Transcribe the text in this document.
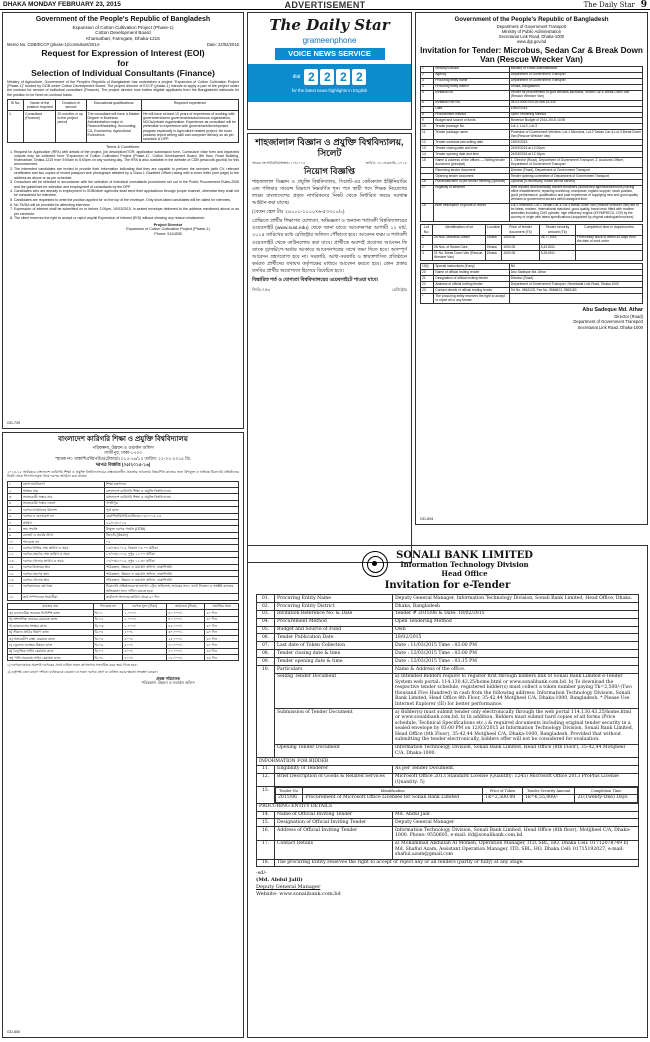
DHAKA MONDAY FEBRUARY 23, 2015	ADVERTISEMENT	The Daily Star 9
Government of the People's Republic of Bangladesh
Expansion of Cotton Cultivation Project (Phase-1)
Cotton Development Board
Khamarbari, Farmgate, Dhaka-1215
Memo No. CDB/ECCP (phase-1)/consultant/2014-	Date: 22/02/2015
Request for Expression of Interest (EOI)
for
Selection of Individual Consultants (Finance)
Ministry of Agriculture, Government of the People's Republic of Bangladesh has undertaken a project "Expansion of Cotton Cultivation Project (Phase-1)" funded by GOB under Cotton Development Board. The project director of ECCP (phase-1) intends to apply a part of the project under the contract for service of individual consultant (Finance). The project director now invites eligible applicants from the Bangladeshi nationals for the position to be hired on contract basis.
Sl No.	Name of the position required	Duration of service	Educational qualifications	Required experience
1.	Consultant (Finance)	20 months or up to the project period	The consultant will have a Master Degree in Business Administration major in Finance/Marketing, Accounting, CA, Economics, Agricultural Economics	He will have at least 10 years of experience of working with government/semi-government/autonomous organization, NGOs/private organization. Experience as consultant will be preferable to experience with government/development program especially in Agriculture related project. He must possess report writing skill and computer literacy on as per schedule & DPP.
Terms & Conditions:
1. Request for Application (RFA) with details of the project, job description/TOR, application submission form, Curriculum vitae form and inspected outputs may be collected from "Expansion of Cotton Cultivation Project (Phase-1)", Cotton Development Board, 8th floor, Road Building, Khamarbari, Dhaka-1215 from 9:00am to 5:00pm on any working day. The RFA is also available in the website of CDB (www.cdb.gov.bd) for this announcement.
2. The interested candidates are invited to provide their information indicating that they are capable to perform the services (with CV, relevant certificates and two copies of recent passport size photograph attested by a Class-1 Gazetted Officer) along with a cover letter (one page) to the address as above or as per schedule.
3. Consultant will be selected in accordance with the selection of individual consultants procedures set out in the Public Procurement Rules-2008 and the guidelines for selection and employment of consultants by the DPP.
4. Candidates who are already in employment in GOB/other agencies shall send their applications through proper channel, otherwise they shall not be considered for interview.
5. Candidates are requested to write the position applied for on the top of the envelope. Only short-listed candidates will be called for interview.
6. No TA/DA will be provided for attending interview.
7. Expression of interest shall be submitted on or before 2.00pm, 10/03/2015, in sealed envelope delivered to the address mentioned above or as per schedule.
8. The client reserves the right to accept or reject any/all Expression of Interest (EOI) without showing any reason whatsoever.
Project Director
Expansion of Cotton Cultivation Project (Phase-1)
Phone: 9110835
GD-729
The Daily Star
grameenphone
VOICE NEWS SERVICE
dial 2 2 2 2
for the latest news highlights in English
শাহজালাল বিজ্ঞান ও প্রযুক্তি বিশ্ববিদ্যালয়, সিলেট
স্মারক নং-শাবিপ্রবি/সংস্থা/১১০/২০১৫	তারিখ: ১৮ ফেব্রুয়ারি, ২০১৫
নিয়োগ বিজ্ঞপ্তি
শাহজালাল বিজ্ঞান ও প্রযুক্তি বিশ্ববিদ্যালয়, সিলেট-এর কেমিক্যাল ইঞ্জিনিয়ারিং এন্ড পলিমার সায়েন্স বিভাগে নিম্নবর্ণিত শূন্য পদে স্থায়ী পদে শিক্ষক নিয়োগের লক্ষ্যে বাংলাদেশের প্রকৃত নাগরিকদের নিকট থেকে নির্ধারিত ফরমে দরখাস্ত আহ্বান করা যাচ্ছে।
(বেতন স্কেল টাঃ ২৯০০০-১১০০×৬-৫৩৩০০/=)
প্রেক্ষিতে প্রার্থীর শিক্ষাগত যোগ্যতা, অভিজ্ঞতা ও অন্যান্য শর্তাবলী বিশ্ববিদ্যালয়ের ওয়েবসাইট (www.sust.edu) থেকে জানা যাবে। আবেদনপত্র আগামী ১২ মার্চ, ২০১৫ তারিখের মধ্যে রেজিস্ট্রার অফিসে পৌঁছাতে হবে। আবেদন ফরম ও শর্তাবলী ওয়েবসাইট থেকে ডাউনলোড করা যাবে। প্রার্থীকে অবশ্যই প্রযোজ্য আবেদন ফি ব্যাংক ড্রাফট/পে-অর্ডার আকারে আবেদনপত্রের সাথে জমা দিতে হবে। অসম্পূর্ণ আবেদন গ্রহণযোগ্য হবে না। সরকারি, আধা-সরকারি ও স্বায়ত্তশাসিত প্রতিষ্ঠানে কর্মরত প্রার্থীদের যথাযথ কর্তৃপক্ষের মাধ্যমে আবেদন করতে হবে। কোন প্রকার তদবির প্রার্থীর অযোগ্যতা হিসেবে বিবেচিত হবে।
বিস্তারিত শর্ত ও যোগ্যতা বিশ্ববিদ্যালয়ের ওয়েবসাইটে পাওয়া যাবে।
জিডি-৭৫৩	রেজিস্ট্রার
Government of the People's Republic of Bangladesh
Department of Government Transport
Ministry of Public Administration
Secretariat Link Road, Dhaka-1000
www.dgt.gov.bd
Invitation for Tender: Microbus, Sedan Car & Break Down Van (Rescue Wrecker Van)
1	Ministry/Division	Ministry of Public Administration
2	Agency	Department of Government Transport
3	Procuring entity name	Department of Government Transport
4	Procuring entity district	Dhaka, Bangladesh
5	Invitation for	Tender for procurement of govt vehicles-Microbus, Sedan Car & Break Down Van (Rescue Wrecker Van)
6	Invitation Ref No.	05.03.0000.004.26.086.15-330
7	Date	19/02/2015
8	Procurement method	Open Tendering Method
9	Budget and source of funds	Revenue Budget of 2014-2015, GOB
10	Tender package No.	Lot-1, Lot-2, Lot-3
11	Tender package name	Purchase of Government Vehicles: Lot-1 Microbus, Lot-2 Sedan Car & Lot-3 Break Down Van (Rescue Wrecker Van)
12	Tender schedule last selling date	23/03/2015
13	Tender closing date and time	24/03/2015 at 12.00pm
14	Tender opening date and time	24/03/2015 at 12.15pm
15	Name & address of the offices — Selling tender document (principal)	1. Director (Road), Department of Government Transport. 2. Accounts Officer, Department of Government Transport
	Receiving tender document	Director (Road), Department of Government Transport
	Opening tender document	Tender opening committee of Department of Government Transport
16	Place/date/time of pre-tender meeting (optional)	Optional (if necessary, notice will be served)
17	Eligibility of tenderer	Well reputed and financially solvent tenderers (authorized agents/distributors) having office establishment, repairing workshop, manpower, logistic support, stock position, good performance, qualification and past experience of supplying new and good quality vehicles to government sectors within assigned time.
18	Brief description of goods or works	Lot-1 Microbus, Lot-2 Sedan Car & Lot-3 Break Down Van (Rescue Wrecker Van) are to be latest, modern, international standard, good quality, brand new, fitted with modern amenities including CNG cylinder, high efficiency engine (EFI/MPI/ECS, CRI) by the country of origin with latest specifications (supported by original catalogue/brochure).
Lot No.	Identification of lot	Location	Price of tender document (Tk)	Tender security amount (Tk)	Completion time in days/months
1	25 Nos. Microbus Diesel	Dhaka	1000.00	36,77,000/-	From ready stock or within 45 days from the date of work order
2	06 Nos. of Sedan Cars	Dhaka	1000.00	5,43,600/-	
3	01 No. Break Down Van (Rescue Wrecker Van)	Dhaka	1000.00	5,25,600/-	
19(i)	Special instructions (if any)	Nil
20	Name of official inviting tender	Abu Sadeque Md. Athar
21	Designation of official inviting tender	Director (Road)
22	Address of official inviting tender	Department of Government Transport, Secretariat Link Road, Dhaka-1000
23	Contact details of official inviting tender	Tel No. 9563125, Fax No. 9566623, 9568180
*	The procuring entity reserves the right to accept or reject all or any tender.	
Abu Sadeque Md. Athar
Director (Road)
Department of Government Transport
Secretariat Link Road, Dhaka-1000
GD-694
বাংলাদেশ কারিগরি শিক্ষা ও প্রযুক্তি বিশ্ববিদ্যালয়
পরিকল্পনা, উন্নয়ন ও ওয়ার্কস অফিস
গাজীপুর, ঢাকা-১৭০০
স্মারক নং- বাকাশিপ্রবি/পউও/টেন্ডার/২০১৫-১৬/১০ তারিখ: ২২-০২-২০১৫ খ্রি.
দরপত্র বিজ্ঞপ্তি (০৫/২০১৫-১৬)
২০১৪-১৫ অর্থবছরে বাংলাদেশ কারিগরি শিক্ষা ও প্রযুক্তি বিশ্ববিদ্যালয়ের বাস্তবায়নাধীন প্রকল্পের আওতায় নিম্নবর্ণিত কাজের জন্য উপযুক্ত ও অভিজ্ঞ ঠিকাদারি প্রতিষ্ঠানের নিকট থেকে সিলগালাকৃত খামে দরপত্র আহ্বান করা যাচ্ছে।
১	মন্ত্রণালয়/বিভাগ	শিক্ষা মন্ত্রণালয়
২	সংস্থার নাম	বাংলাদেশ কারিগরি শিক্ষা ও প্রযুক্তি বিশ্ববিদ্যালয়
৩	সংগ্রহকারী সত্তার নাম	বাংলাদেশ কারিগরি শিক্ষা ও প্রযুক্তি বিশ্ববিদ্যালয়
৪	সংগ্রহকারী সত্তার জেলা	গাজীপুর
৫	দরপত্র আহ্বানের উদ্দেশ্য	পূর্ত কাজ
৬	দরপত্র ও রেফারেন্স নং	বাকাশিপ্রবি/পউও/টেন্ডার-০৫/২০১৫-১৬
৭	তারিখ	২২/০২/২০১৫
৮	ক্রয় পদ্ধতি	উন্মুক্ত দরপত্র পদ্ধতি (OTM)
৯	বাজেট ও অর্থের উৎস	জিওবি (উন্নয়ন)
১০	প্যাকেজ নং	০৫
১১	দরপত্র বিক্রির শেষ তারিখ ও সময়	১৬/০৩/২০১৫, বিকাল ০৪.০০ ঘটিকা
১২	দরপত্র গ্রহণের শেষ তারিখ ও সময়	১৭/০৩/২০১৫, দুপুর ১২.০০ ঘটিকা
১৩	দরপত্র খোলার তারিখ ও সময়	১৭/০৩/২০১৫, দুপুর ১২.৩০ ঘটিকা
১৪	দরপত্র বিক্রয়ের স্থান	পরিকল্পনা, উন্নয়ন ও ওয়ার্কস অফিস, বাকাশিপ্রবি
১৫	দরপত্র গ্রহণের স্থান	পরিকল্পনা, উন্নয়ন ও ওয়ার্কস অফিস, বাকাশিপ্রবি
১৬	দরপত্র খোলার স্থান	পরিকল্পনা, উন্নয়ন ও ওয়ার্কস অফিস, বাকাশিপ্রবি
১৭	দরপত্রদাতার যোগ্যতা	ঠিকাদারি প্রতিষ্ঠানকে হালনাগাদ ট্রেড লাইসেন্স, আয়কর সনদ, ভ্যাট নিবন্ধন ও সংশ্লিষ্ট কাজের অভিজ্ঞতা সনদ দাখিল করতে হবে।
১৮	কার্য সম্পাদনের সময়সীমা	কার্যাদেশ প্রদানের তারিখ থেকে ৯০ দিন
কাজের নাম	প্যাকেজ নং	দরপত্র মূল্য (টাকা)	জামানত (টাকা)	সমাপ্তির সময়
ক) একাডেমিক ভবনের ফিনিশিং কাজ	বি-০১	১,০০০/-	৫০,০০০/-	৯০ দিন
খ) প্রশাসনিক ভবনের মেরামত কাজ	বি-০২	১,০০০/-	৪০,০০০/-	৯০ দিন
গ) ছাত্রাবাসের সংস্কার কাজ	বি-০৩	১,০০০/-	৪৫,০০০/-	৯০ দিন
ঘ) সীমানা প্রাচীর নির্মাণ কাজ	বি-০৪	৫০০/-	৩০,০০০/-	৬০ দিন
ঙ) অভ্যন্তরীণ রাস্তা মেরামত কাজ	বি-০৫	৫০০/-	২৫,০০০/-	৬০ দিন
চ) ড্রেনেজ ব্যবস্থার উন্নয়ন কাজ	বি-০৬	৫০০/-	২০,০০০/-	৬০ দিন
ছ) বৈদ্যুতিক লাইন মেরামত কাজ	বি-০৭	৫০০/-	২০,০০০/-	৪৫ দিন
জ) পানি সরবরাহ লাইন মেরামত কাজ	বি-০৮	৫০০/-	১৫,০০০/-	৪৫ দিন
১) দরপত্রদাতাকে অবশ্যই দরপত্রের সাথে চাহিত সকল কাগজপত্র সত্যায়িত করে জমা দিতে হবে।
২) কর্তৃপক্ষ কোন কারণ দর্শানো ব্যতিরেকে যেকোন বা সকল দরপত্র গ্রহণ বা বাতিল করার ক্ষমতা সংরক্ষণ করেন।
প্রকল্প পরিচালক
পরিকল্পনা, উন্নয়ন ও ওয়ার্কস অফিস
GD-650
SONALI BANK LIMITED
Information Technology Division
Head Office
Invitation for e-Tender
01.	Procuring Entity Name	Deputy General Manager, Information Technology Division, Sonali Bank Limited, Head Office, Dhaka.
02.	Procuring Entity District	Dhaka, Bangladesh
03.	Invitation Reference No. & Date	Tender # 2015/06 & Date: 18/02/2015
04.	Procurement Method	Open Tendering Method
05.	Budget and Source of Fund	Own
06.	Tender Publication Date	18/02/2015
07.	Last date of Token Collection	Date : 11/03/2015 Time : 03:00 PM
08.	Tender closing date & time	Date : 12/03/2015 Time : 03:00 PM
09.	Tender opening date & time	Date : 12/03/2015 Time : 03:15 PM
10.	Particulars	Name & Address of the office.
Selling Tender Document	a) Intended Bidders require to register first through bidders link of Sonali Bank Limited e-Tender System web portal: 114.130.43.25/home.html or www.sonalibank.com.bd. b) To download the respective tender schedule, registered bidder(s) must collect a token number paying Tk=2,500/-(Two thousand Five Hundred) in cash from the following address: Information Technology Division, Sonali Bank Limited, Head Office 8th Floor, 35-42,44 Motijheel C/A, Dhaka-1000, Bangladesh. * Please Use Internet Explorer (IE) for better performance.
Submission of Tender Document	a) Bidder(s) must submit tender only electronically through the web portal 114.130.43.25/home.html or www.sonalibank.com.bd. b) In addition, Bidders must submit hard copies of all forms (Price schedule, Technical Specifications etc.) & required documents including original tender security in a sealed envelope by 03:00 PM on 12/03/2015 at Information Technology Division, Sonali Bank Limited, Head Office (8th Floor), 35-42,44 Motijheel C/A, Dhaka-1000, Bangladesh. Provided that without submitting the tender electronically, bidders offer will not be considered for evaluation.
Opening Tender Document	Information Technology Division, Sonali Bank Limited, Head Office (8th Floor), 35-42,44 Motijheel C/A, Dhaka-1000.
INFORMATION FOR BIDDER
11.	Eligibility of Tenderer	As per Tender Document.
12.	Brief Description of Goods & Related Services	Microsoft Office 2013 Standard License (Quantity: 1245) Microsoft Office 2013 ProPlus License (Quantity: 5)
13.		Tender No.	Identification	Price of Token	Tender Security Amount	Completion Time
2015/06	Procurement of Microsoft Office Licenses for Sonali Bank Limited	Tk=2,500.00	Tk=6,55,000/-	21(Twenty-One) Days

PROCURING ENTITY DETAILS
14.	Name of Official Inviting Tender	Md. Abdul Jalil
15.	Designation of Official Inviting Tender	Deputy General Manager
16.	Address of Official Inviting Tender	Information Technology Division, Sonali Bank Limited, Head Office (8th floor), Motijheel C/A, Dhaka-1000. Phone: 9550605, e-mail: itd@sonalibank.com.bd
17.	Contact Details	a) Mohammad Abdullah Al Momen, Operation Manager, ITD, SBL, HO, Dhaka Cell: 01712078749 b) Md. Shafiul Azam, Assistant Operation Manager, ITD, SBL, HO, Dhaka Cell: 01715192027, e-mail: shafiul.azam@gmail.com
18.	The procuring Entity reserves the right to accept or reject any or all tenders (partly or fully) at any stage.
-sd/-
(Md. Abdul Jalil)
Deputy General Manager
Website- www.sonalibank.com.bd
